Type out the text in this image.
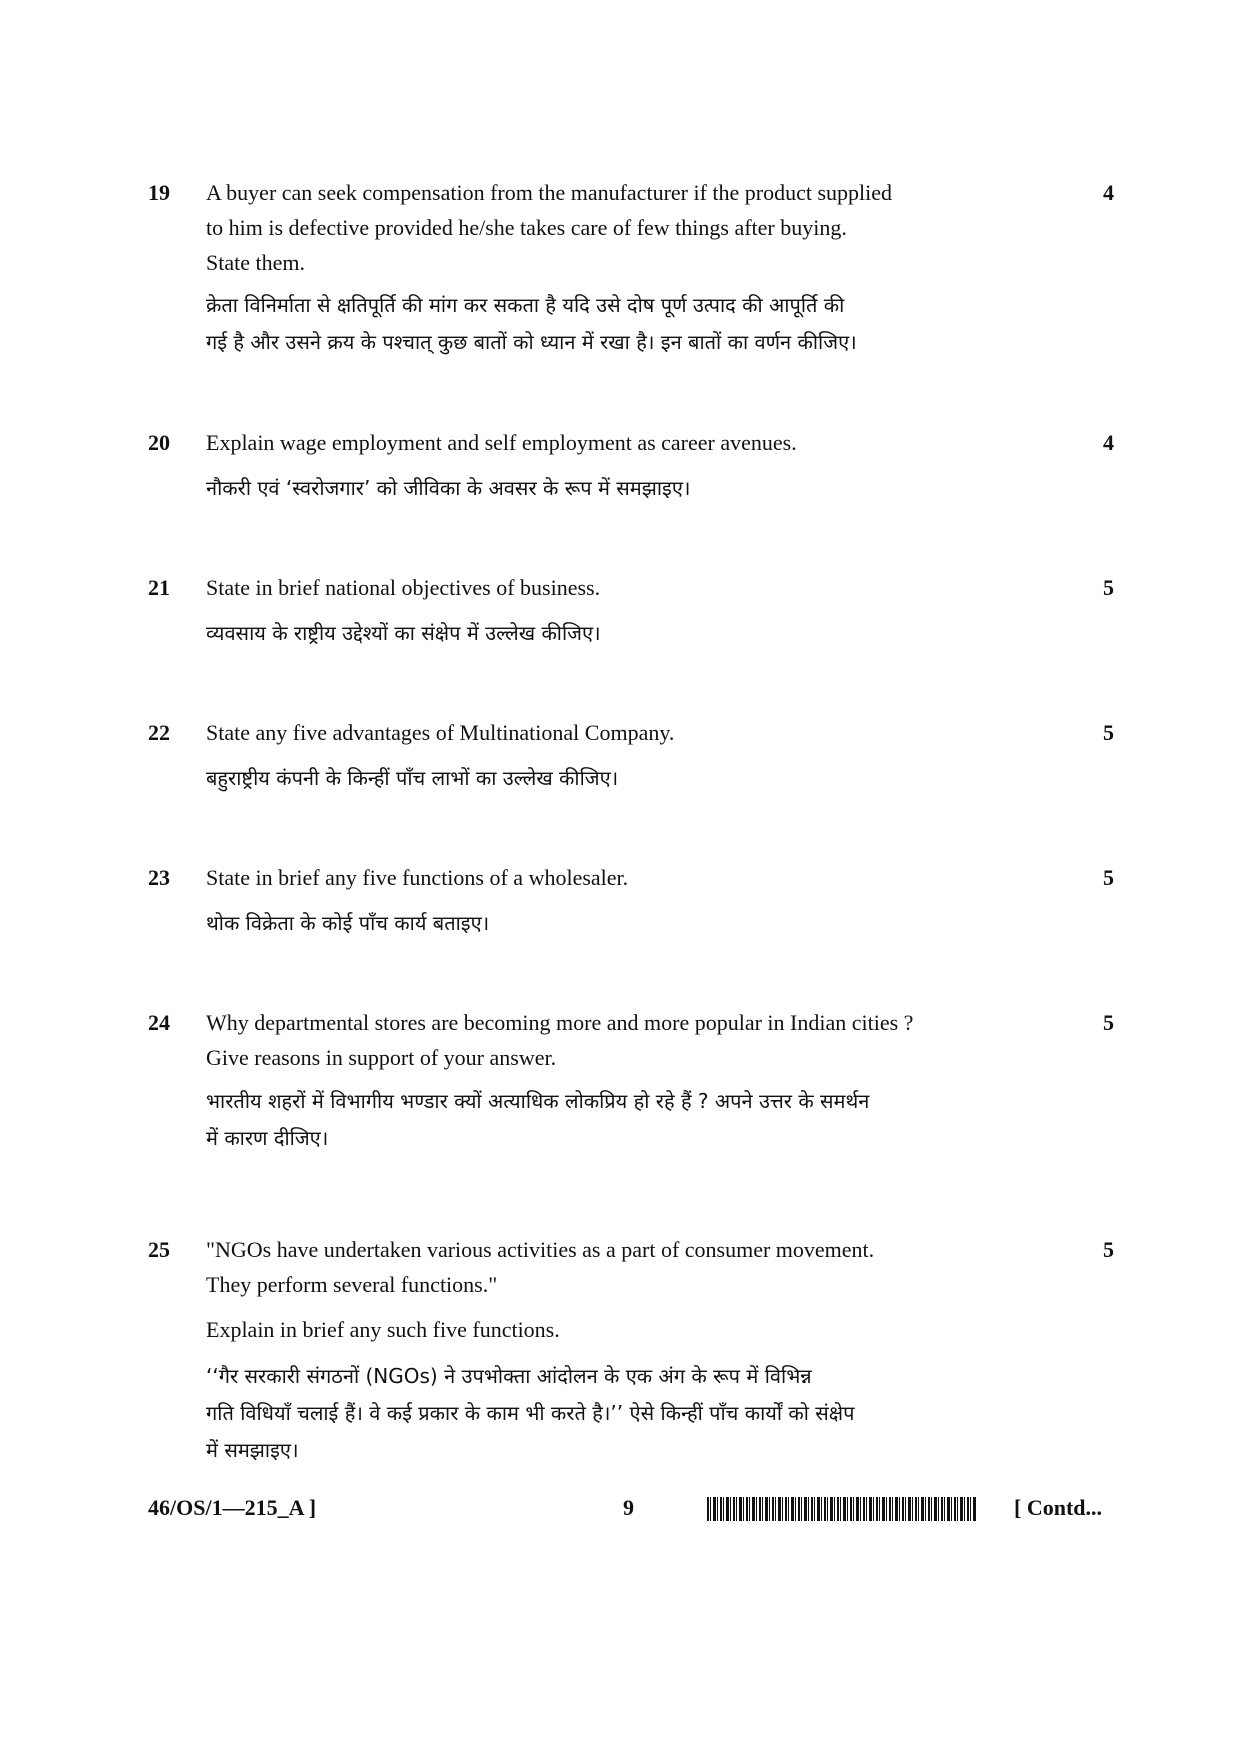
19 A buyer can seek compensation from the manufacturer if the product supplied
to him is defective provided he/she takes care of few things after buying.
State them.
क्रेता विनिर्माता से क्षतिपूर्ति की मांग कर सकता है यदि उसे दोष पूर्ण उत्पाद की आपूर्ति की
गई है और उसने क्रय के पश्चात् कुछ बातों को ध्यान में रखा है। इन बातों का वर्णन कीजिए।
4
20 Explain wage employment and self employment as career avenues.
नौकरी एवं ‘स्वरोजगार’ को जीविका के अवसर के रूप में समझाइए।
4
21 State in brief national objectives of business.
व्यवसाय के राष्ट्रीय उद्देश्यों का संक्षेप में उल्लेख कीजिए।
5
22 State any five advantages of Multinational Company.
बहुराष्ट्रीय कंपनी के किन्हीं पाँच लाभों का उल्लेख कीजिए।
5
23 State in brief any five functions of a wholesaler.
थोक विक्रेता के कोई पाँच कार्य बताइए।
5
24 Why departmental stores are becoming more and more popular in Indian cities ?
Give reasons in support of your answer.
भारतीय शहरों में विभागीय भण्डार क्यों अत्याधिक लोकप्रिय हो रहे हैं ? अपने उत्तर के समर्थन
में कारण दीजिए।
5
25 "NGOs have undertaken various activities as a part of consumer movement.
They perform several functions."
Explain in brief any such five functions.
‘‘गैर सरकारी संगठनों (NGOs) ने उपभोक्ता आंदोलन के एक अंग के रूप में विभिन्न
गति विधियाँ चलाई हैं। वे कई प्रकार के काम भी करते है।’’ ऐसे किन्हीं पाँच कार्यों को संक्षेप
में समझाइए।
5
46/OS/1—215_A ]	9	[ Contd...
